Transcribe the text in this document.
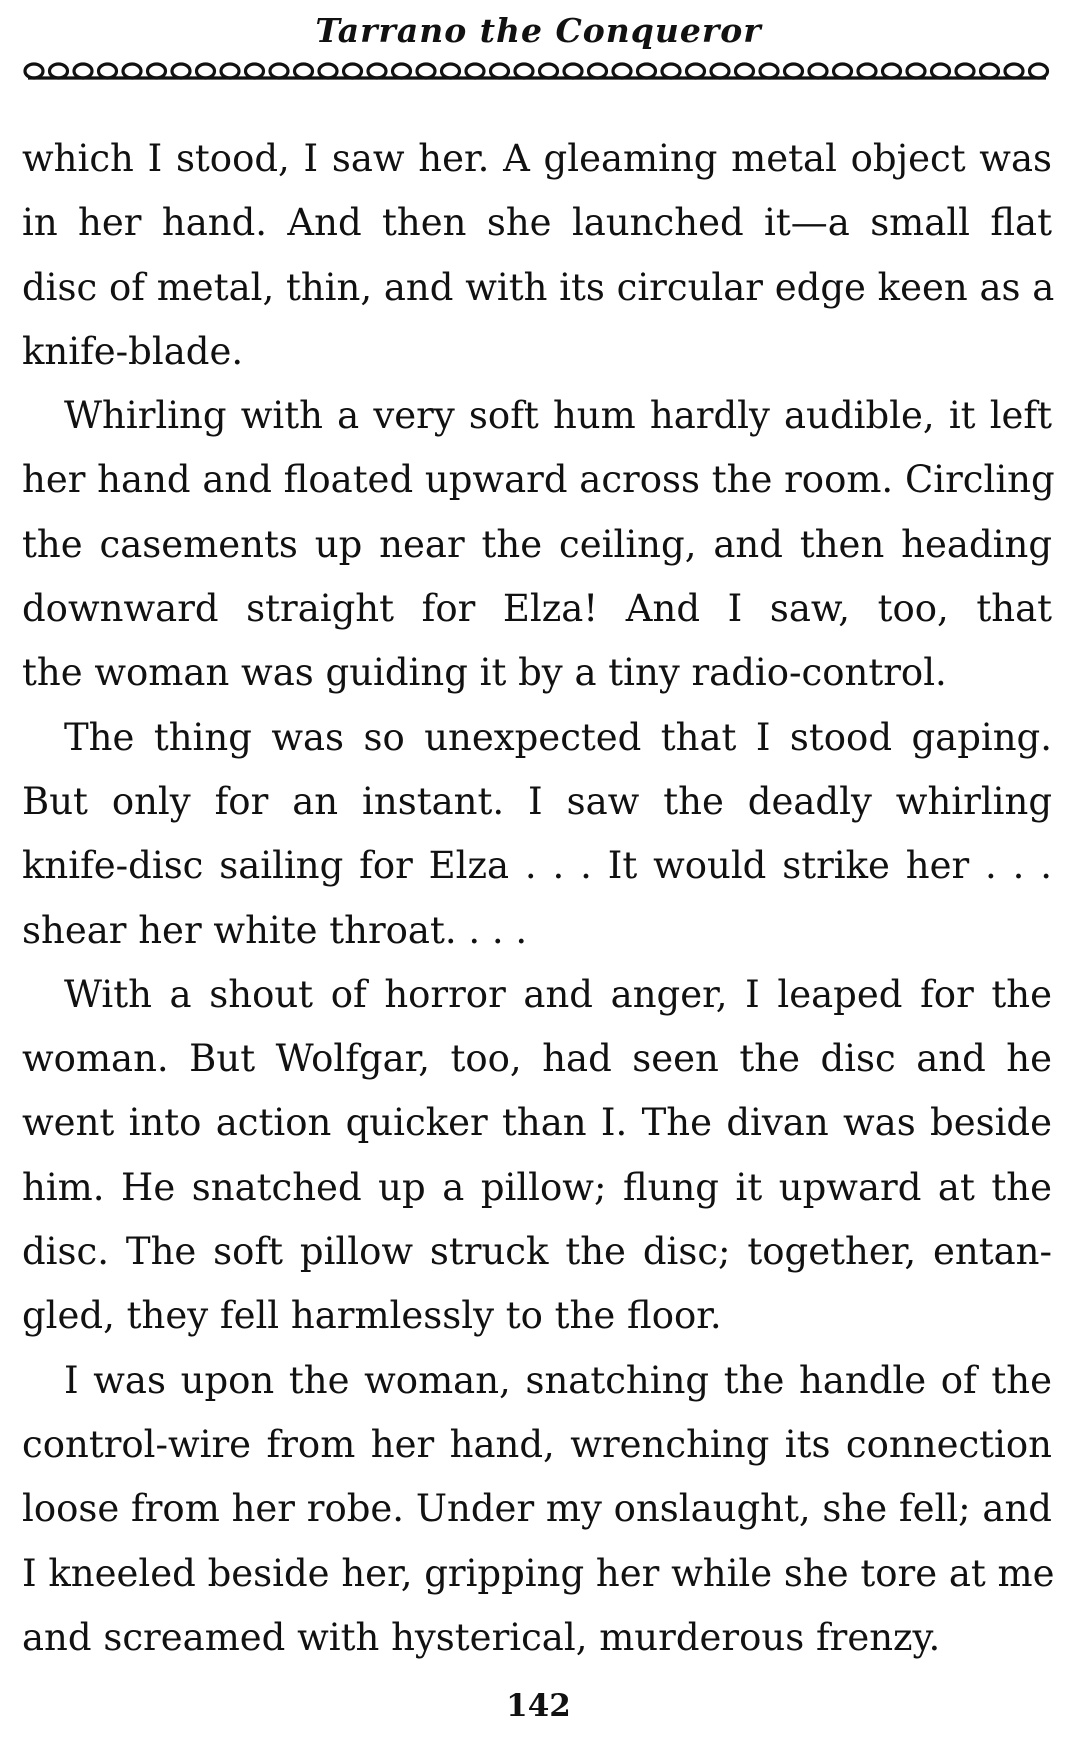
Tarrano the Conqueror
which I stood, I saw her. A gleaming metal object was
in her hand. And then she launched it—a small flat
disc of metal, thin, and with its circular edge keen as a
knife-blade.
Whirling with a very soft hum hardly audible, it left
her hand and floated upward across the room. Circling
the casements up near the ceiling, and then heading
downward straight for Elza! And I saw, too, that
the woman was guiding it by a tiny radio-control.
The thing was so unexpected that I stood gaping.
But only for an instant. I saw the deadly whirling
knife-disc sailing for Elza . . . It would strike her . . .
shear her white throat. . . .
With a shout of horror and anger, I leaped for the
woman. But Wolfgar, too, had seen the disc and he
went into action quicker than I. The divan was beside
him. He snatched up a pillow; flung it upward at the
disc. The soft pillow struck the disc; together, entan-
gled, they fell harmlessly to the floor.
I was upon the woman, snatching the handle of the
control-wire from her hand, wrenching its connection
loose from her robe. Under my onslaught, she fell; and
I kneeled beside her, gripping her while she tore at me
and screamed with hysterical, murderous frenzy.
142
